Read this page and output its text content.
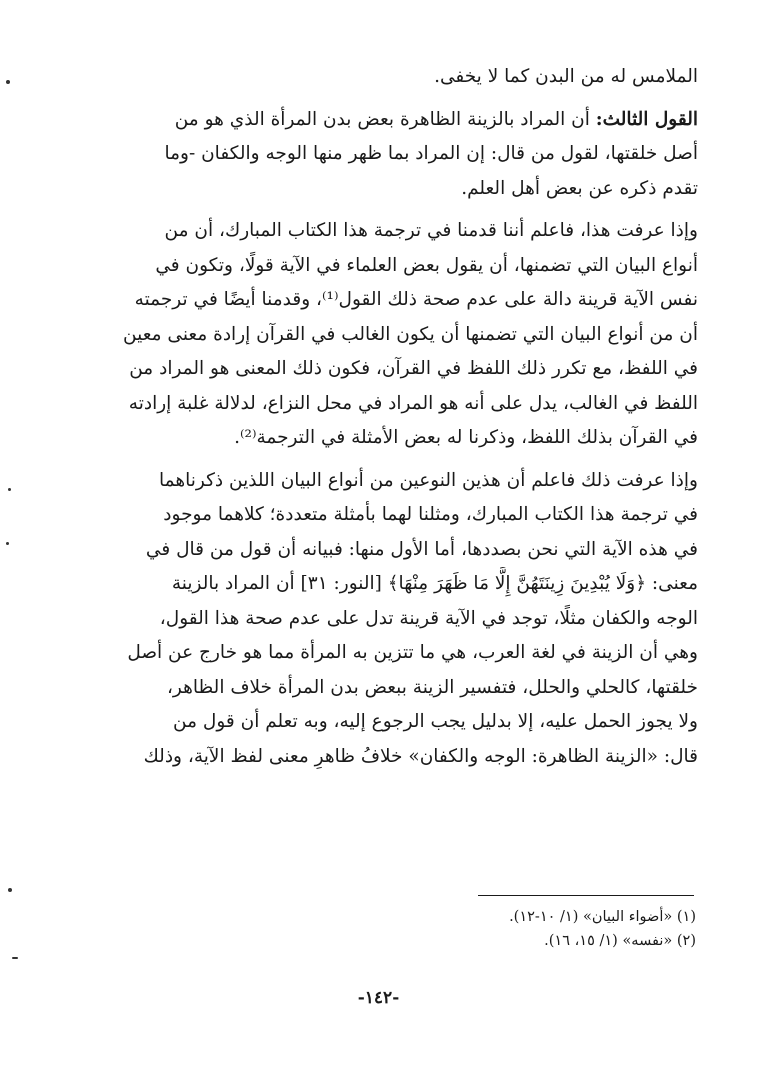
الملامس له من البدن كما لا يخفى.
القول الثالث: أن المراد بالزينة الظاهرة بعض بدن المرأة الذي هو من
أصل خلقتها، لقول من قال: إن المراد بما ظهر منها الوجه والكفان -وما
تقدم ذكره عن بعض أهل العلم.
وإذا عرفت هذا، فاعلم أننا قدمنا في ترجمة هذا الكتاب المبارك، أن من
أنواع البيان التي تضمنها، أن يقول بعض العلماء في الآية قولًا، وتكون في
نفس الآية قرينة دالة على عدم صحة ذلك القول⁽¹⁾، وقدمنا أيضًا في ترجمته
أن من أنواع البيان التي تضمنها أن يكون الغالب في القرآن إرادة معنى معين
في اللفظ، مع تكرر ذلك اللفظ في القرآن، فكون ذلك المعنى هو المراد من
اللفظ في الغالب، يدل على أنه هو المراد في محل النزاع، لدلالة غلبة إرادته
في القرآن بذلك اللفظ، وذكرنا له بعض الأمثلة في الترجمة⁽²⁾.
وإذا عرفت ذلك فاعلم أن هذين النوعين من أنواع البيان اللذين ذكرناهما
في ترجمة هذا الكتاب المبارك، ومثلنا لهما بأمثلة متعددة؛ كلاهما موجود
في هذه الآية التي نحن بصددها، أما الأول منها: فبيانه أن قول من قال في
معنى: ﴿وَلَا يُبْدِينَ زِينَتَهُنَّ إِلَّا مَا ظَهَرَ مِنْهَا﴾ [النور: ٣١] أن المراد بالزينة
الوجه والكفان مثلًا، توجد في الآية قرينة تدل على عدم صحة هذا القول،
وهي أن الزينة في لغة العرب، هي ما تتزين به المرأة مما هو خارج عن أصل
خلقتها، كالحلي والحلل، فتفسير الزينة ببعض بدن المرأة خلاف الظاهر،
ولا يجوز الحمل عليه، إلا بدليل يجب الرجوع إليه، وبه تعلم أن قول من
قال: «الزينة الظاهرة: الوجه والكفان» خلافُ ظاهرِ معنى لفظ الآية، وذلك
(١) «أضواء البيان» (١/ ١٠-١٢).
(٢) «نفسه» (١/ ١٥، ١٦).
-١٤٢-
